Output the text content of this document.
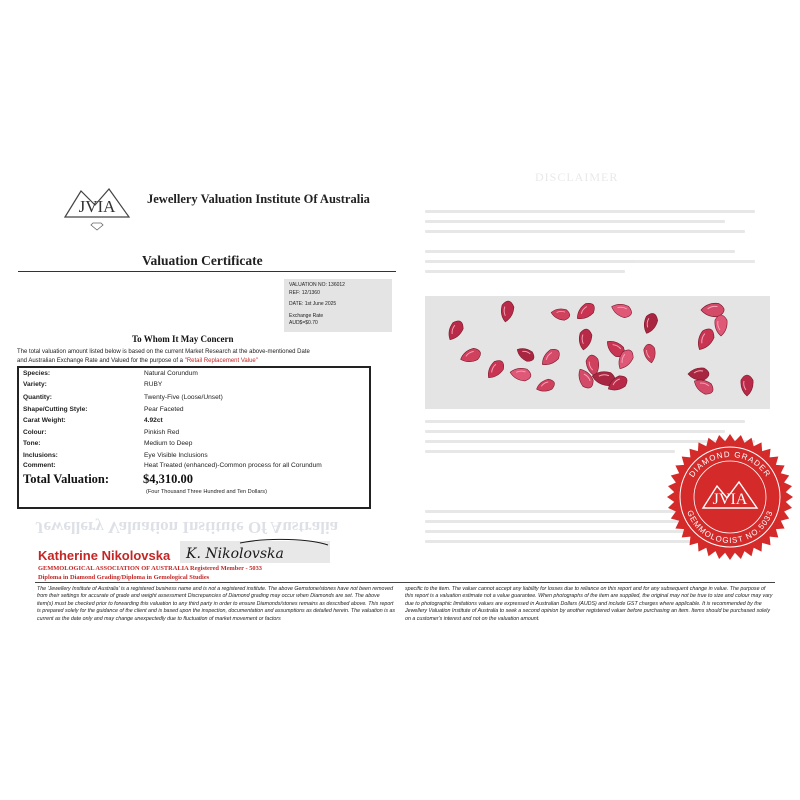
DISCLAIMER
JVIA	Jewellery Valuation Institute Of Australia
Valuation Certificate
VALUATION NO: 136012
REF: 12/1360
DATE: 1st June 2025
Exchange Rate
AUD$=$0.70
To Whom It May Concern
The total valuation amount listed below is based on the current Market Research at the above-mentioned Date
and Australian Exchange Rate and Valued for the purpose of a "Retail Replacement Value"
Total Valuation:	$4,310.00
(Four Thousand Three Hundred and Ten Dollars)
Species:	Natural Corundum
Variety:	RUBY
Quantity:	Twenty-Five (Loose/Unset)
Shape/Cutting Style:	Pear Faceted
Carat Weight:	4.92ct
Colour:	Pinkish Red
Tone:	Medium to Deep
Inclusions:	Eye Visible Inclusions
Comment:	Heat Treated (enhanced)-Common process for all Corundum
Jewellery Valuation Institute Of Australia
Katherine Nikolovska K. Nikolovska
GEMMOLOGICAL ASSOCIATION OF AUSTRALIA Registered Member - 5033
Diploma in Diamond Grading/Diploma in Gemological Studies
The 'Jewellery Institute of Australia' is a registered business name and is not a registered institute. The above Gemstone/stones have not been removed from their settings for accurate of grade and weight assessment Discrepancies of Diamond grading may occur when Diamonds are set. The above item(s) must be checked prior to forwarding this valuation to any third party in order to ensure Diamonds/stones remains as described above. This report is prepared solely for the guidance of the client and is based upon the inspection, documentation and assumptions as detailed herein. The valuation is as current as the date only and may change unexpectedly due to fluctuation of market movement or factors
specific to the item. The valuer cannot accept any liability for losses due to reliance on this report and for any subsequent change in value. The purpose of this report is a valuation estimate not a value guarantee. When photographs of the item are supplied, the original may not be true to size and colour may vary due to photographic limitations values are expressed in Australian Dollars (AUDS) and include GST charges where applicable. It is recommended by the Jewellery Valuation Institute of Australia to seek a second opinion by another registered valuer before purchasing an item. Items should be purchased solely on a customer's interest and not on the valuation amount.
DIAMOND GRADER
GEMMOLOGIST NO.5033
JVIA
